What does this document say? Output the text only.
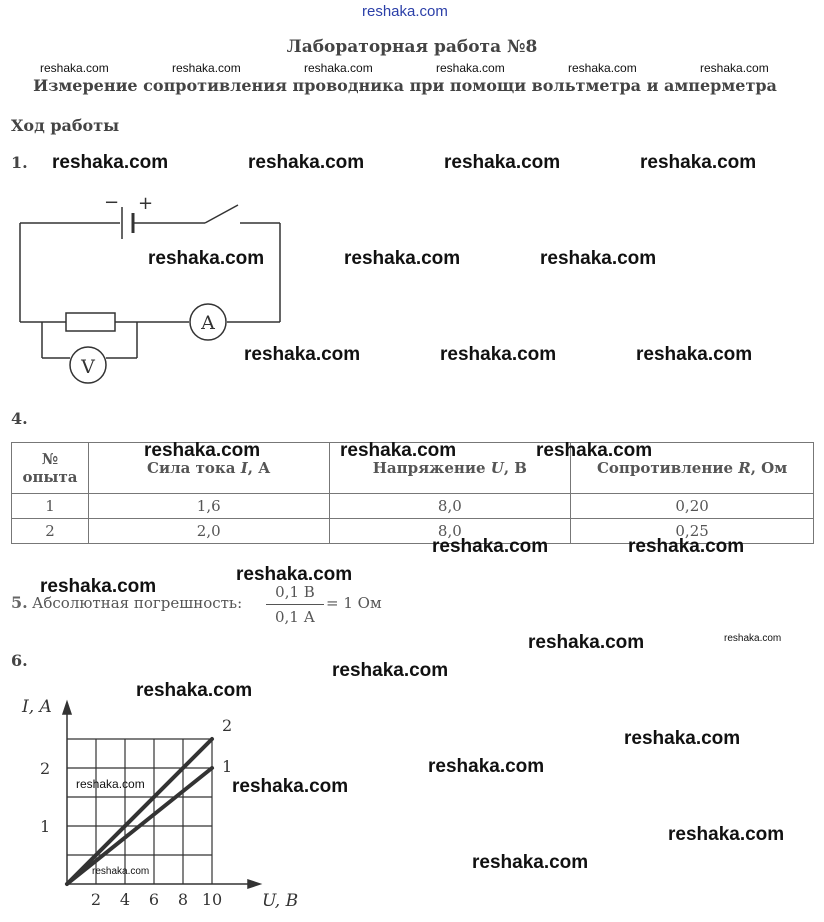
reshaka.com
Лабораторная работа №8
reshaka.com	reshaka.com	reshaka.com	reshaka.com	reshaka.com	reshaka.com
Измерение сопротивления проводника при помощи вольтметра и амперметра
Ход работы
1. reshaka.com	reshaka.com	reshaka.com	reshaka.com
− +
A
V
reshaka.com	reshaka.com	reshaka.com
reshaka.com	reshaka.com	reshaka.com
4.
№
опыта	Сила тока I, А	Напряжение U, В	Сопротивление R, Ом
1	1,6	8,0	0,20
2	2,0	8,0	0,25
reshaka.com	reshaka.com	reshaka.com
reshaka.com	reshaka.com
reshaka.com
reshaka.com
5. Абсолютная погрешность:
0,1 В
0,1 А
= 1 Ом
reshaka.com	reshaka.com
reshaka.com
6.
reshaka.com
2 4 6 8 10
1
2
I, A
U, B
2
1
reshaka.com
reshaka.com
reshaka.com
reshaka.com
reshaka.com
reshaka.com
reshaka.com
